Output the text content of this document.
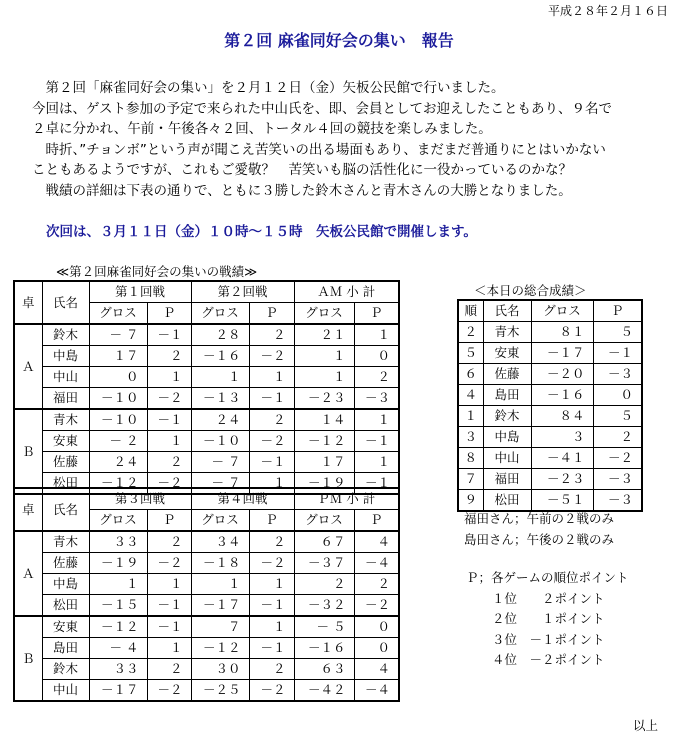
平成２８年２月１６日
第２回 麻雀同好会の集い　報告
　第２回「麻雀同好会の集い」を２月１２日（金）矢板公民館で行いました。
今回は、ゲスト参加の予定で来られた中山氏を、即、会員としてお迎えしたこともあり、９名で
２卓に分かれ、午前・午後各々２回、トータル４回の競技を楽しみました。
　時折、”チョンボ”という声が聞こえ苦笑いの出る場面もあり、まだまだ普通りにとはいかない
こともあるようですが、これもご愛敬？　苦笑いも脳の活性化に一役かっているのかな？
　戦績の詳細は下表の通りで、ともに３勝した鈴木さんと青木さんの大勝となりました。
次回は、３月１１日（金）１０時～１５時　矢板公民館で開催します。
≪第２回麻雀同好会の集いの戦績≫
卓	氏名	第１回戦		第２回戦		ＡＭ 小 計	
		グロス	Ｐ	グロス	Ｐ	グロス	Ｐ
Ａ	鈴木	－ ７	－１	２８	２	２１	１
	中島	１７	２	－１６	－２	１	０
	中山	０	１	１	１	１	２
	福田	－１０	－２	－１３	－１	－２３	－３
Ｂ	青木	－１０	－１	２４	２	１４	１
	安東	－ ２	１	－１０	－２	－１２	－１
	佐藤	２４	２	－ ７	－１	１７	１
	松田	－１２	－２	－ ７	１	－１９	－１
卓	氏名	第３回戦		第４回戦		ＰＭ 小 計	
		グロス	Ｐ	グロス	Ｐ	グロス	Ｐ
Ａ	青木	３３	２	３４	２	６７	４
	佐藤	－１９	－２	－１８	－２	－３７	－４
	中島	１	１	１	１	２	２
	松田	－１５	－１	－１７	－１	－３２	－２
Ｂ	安東	－１２	－１	７	１	－ ５	０
	島田	－ ４	１	－１２	－１	－１６	０
	鈴木	３３	２	３０	２	６３	４
	中山	－１７	－２	－２５	－２	－４２	－４
＜本日の総合成績＞
順	氏名	グロス	Ｐ
２	青木	８１	５
５	安東	－１７	－１
６	佐藤	－２０	－３
４	島田	－１６	０
１	鈴木	８４	５
３	中島	３	２
８	中山	－４１	－２
７	福田	－２３	－３
９	松田	－５１	－３
福田さん；午前の２戦のみ
島田さん；午後の２戦のみ
Ｐ；各ゲームの順位ポイント
１位　　２ポイント
２位　　１ポイント
３位　－１ポイント
４位　－２ポイント
以上
